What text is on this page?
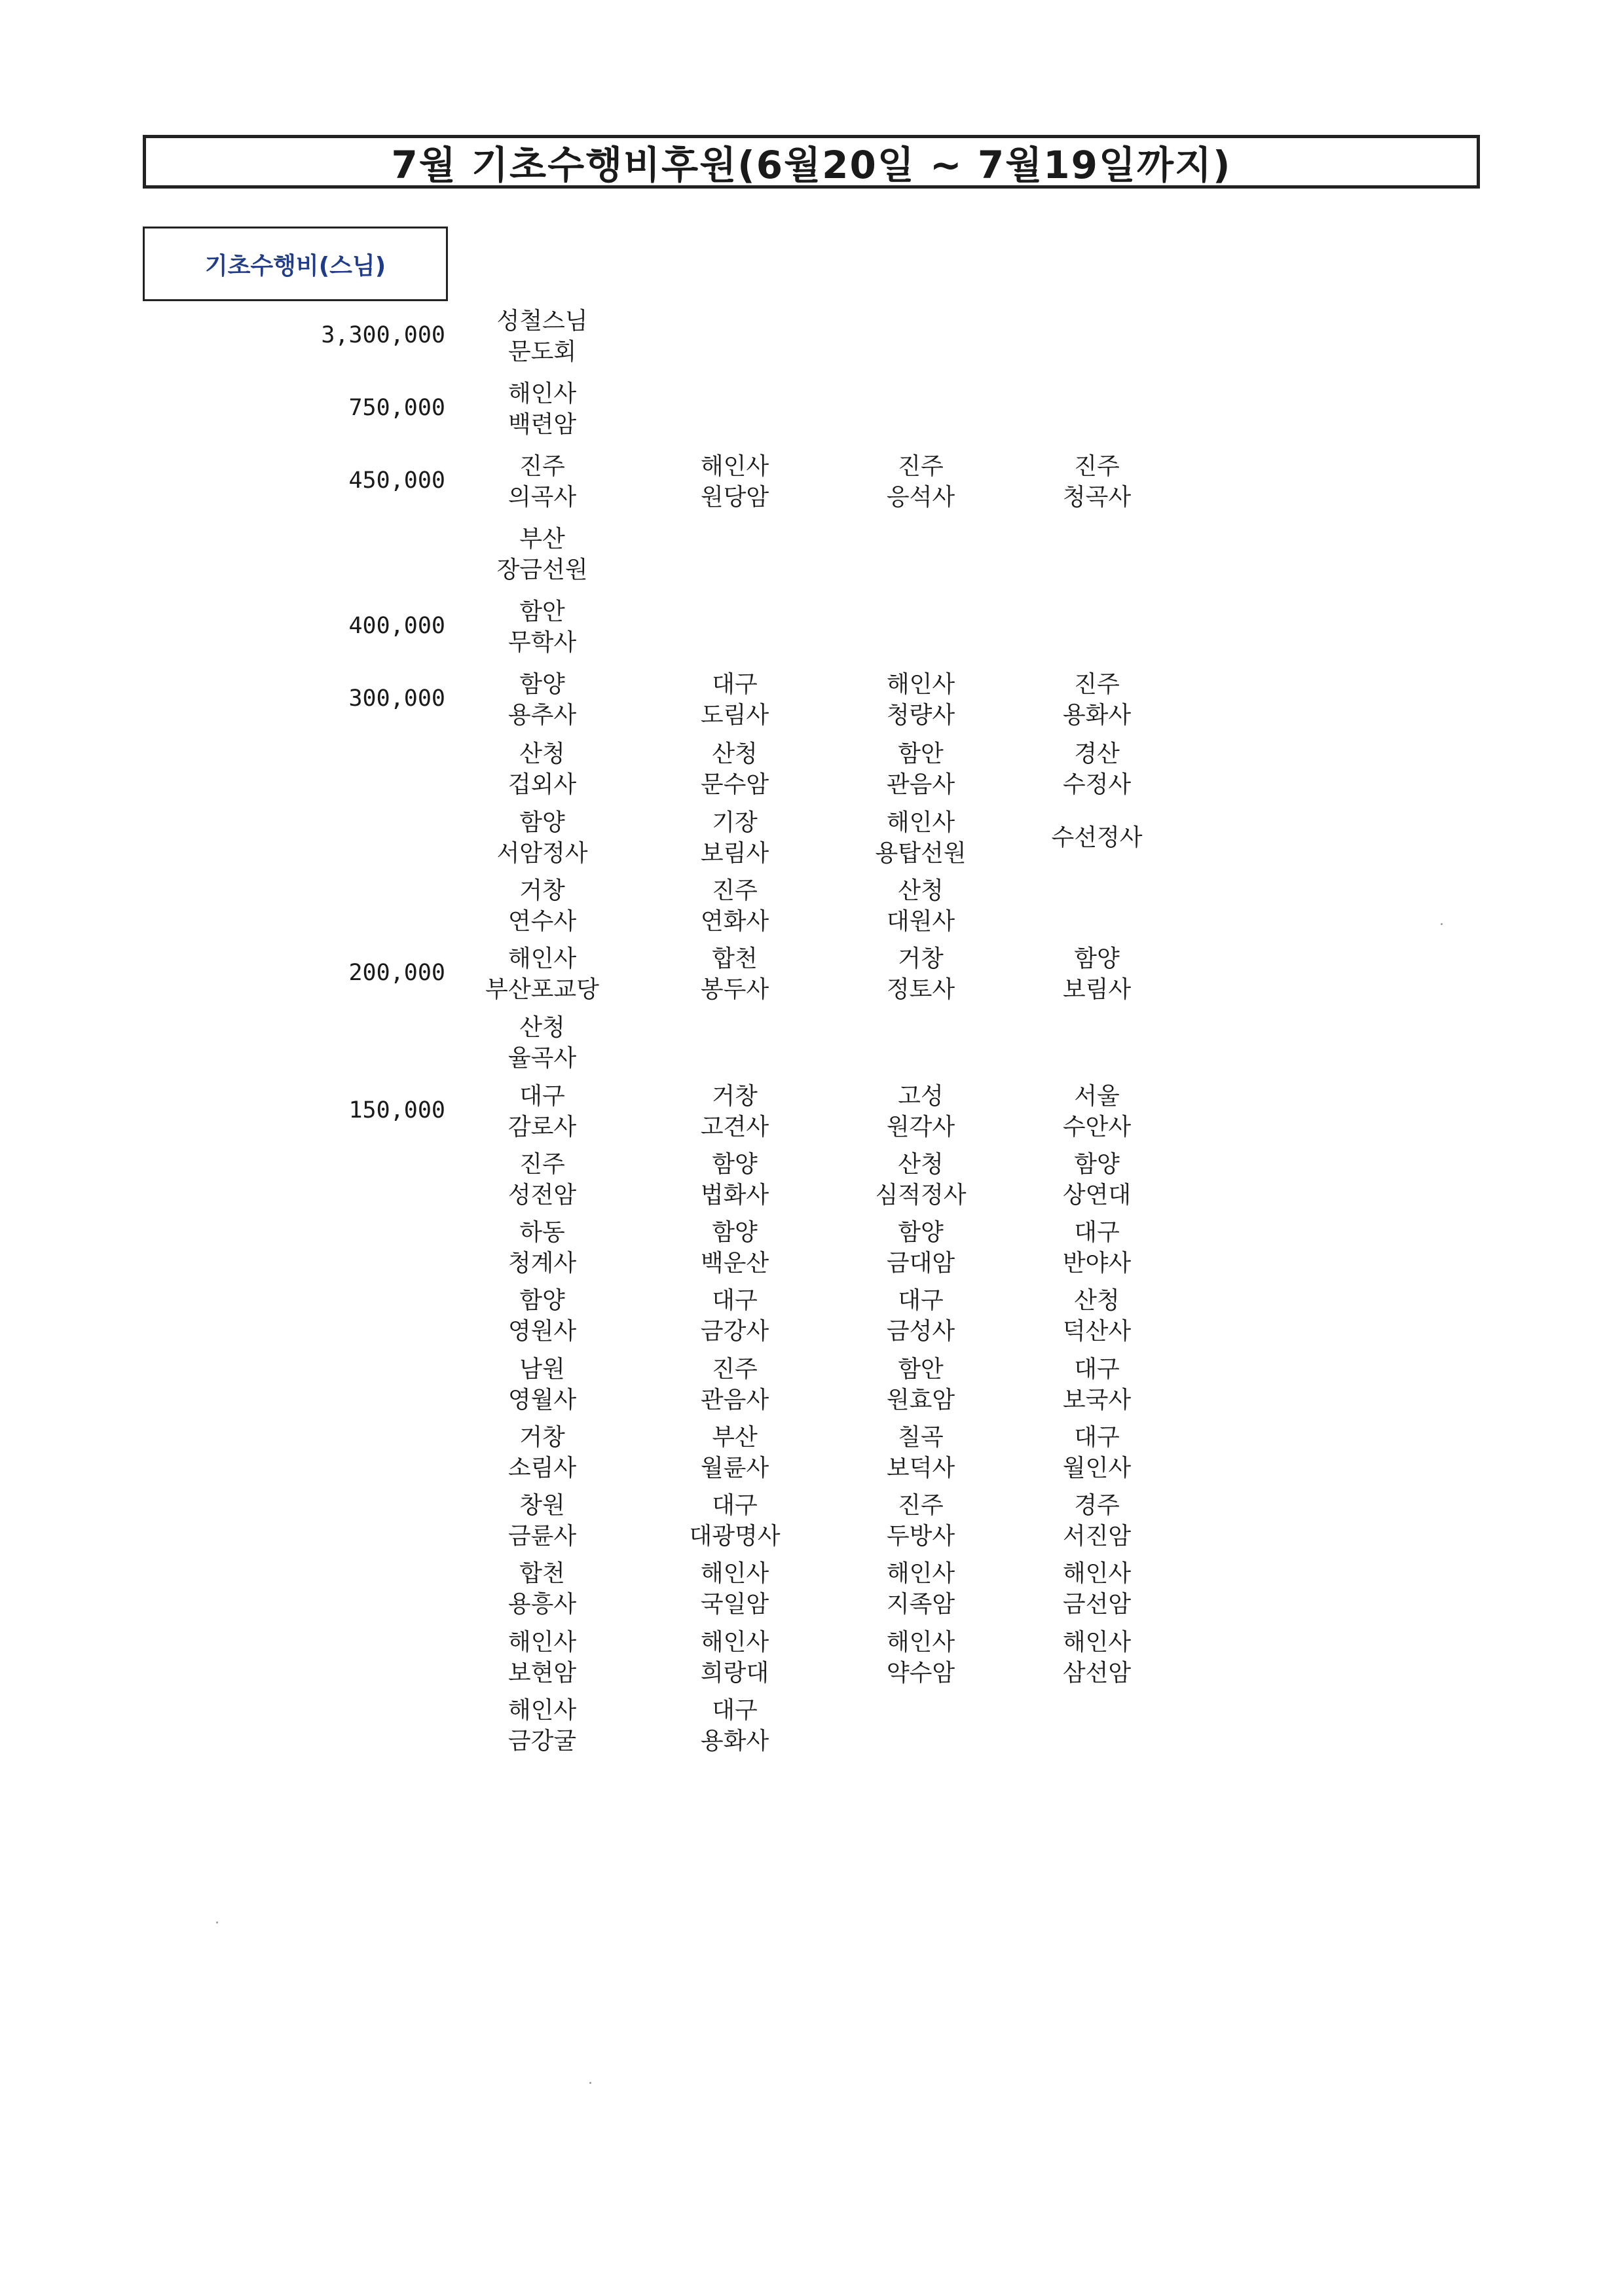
7월 기초수행비후원(6월20일 ~ 7월19일까지)
기초수행비(스님)
3,300,000
성철스님
문도회
750,000
해인사
백련암
450,000
진주
의곡사
해인사
원당암
진주
응석사
진주
청곡사
부산
장금선원
400,000
함안
무학사
300,000
함양
용추사
대구
도림사
해인사
청량사
진주
용화사
산청
겁외사
산청
문수암
함안
관음사
경산
수정사
함양
서암정사
기장
보림사
해인사
용탑선원
수선정사
거창
연수사
진주
연화사
산청
대원사
200,000
해인사
부산포교당
합천
봉두사
거창
정토사
함양
보림사
산청
율곡사
150,000
대구
감로사
거창
고견사
고성
원각사
서울
수안사
진주
성전암
함양
법화사
산청
심적정사
함양
상연대
하동
청계사
함양
백운산
함양
금대암
대구
반야사
함양
영원사
대구
금강사
대구
금성사
산청
덕산사
남원
영월사
진주
관음사
함안
원효암
대구
보국사
거창
소림사
부산
월륜사
칠곡
보덕사
대구
월인사
창원
금륜사
대구
대광명사
진주
두방사
경주
서진암
합천
용흥사
해인사
국일암
해인사
지족암
해인사
금선암
해인사
보현암
해인사
희랑대
해인사
약수암
해인사
삼선암
해인사
금강굴
대구
용화사
